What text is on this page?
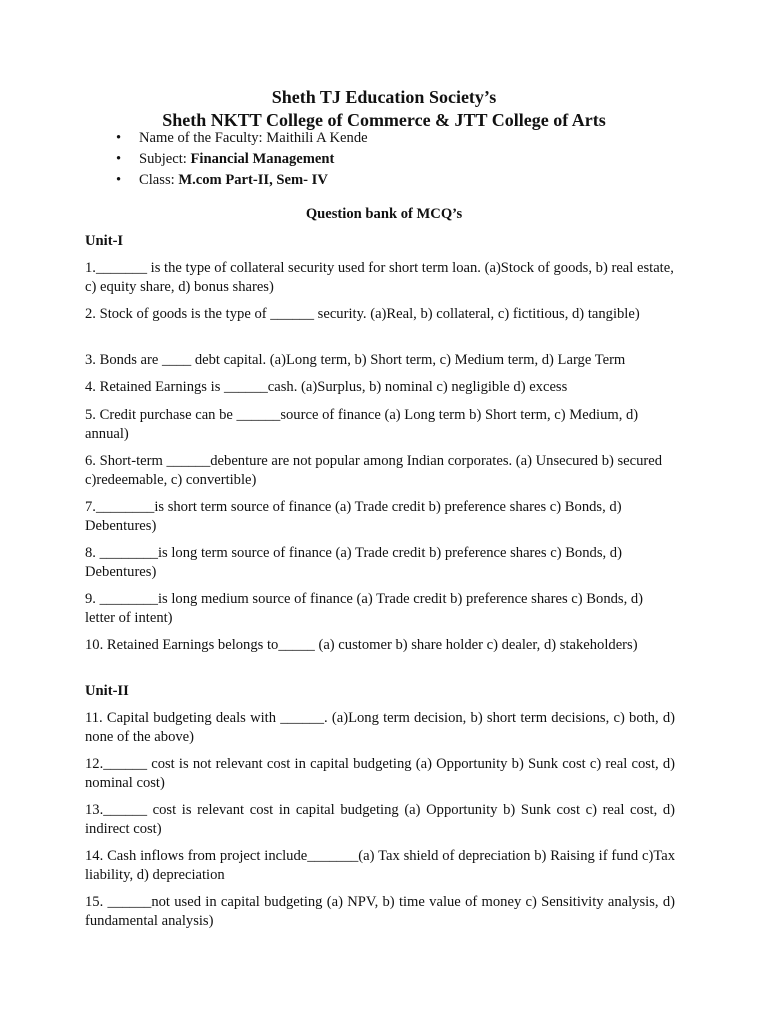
Sheth TJ Education Society’s
Sheth NKTT College of Commerce & JTT College of Arts
• Name of the Faculty: Maithili A Kende
• Subject: Financial Management
• Class: M.com Part-II, Sem- IV

Question bank of MCQ’s

Unit-I

1._______ is the type of collateral security used for short term loan. (a)Stock of goods, b) real estate, c) equity share, d) bonus shares)

2. Stock of goods is the type of ______ security. (a)Real, b) collateral, c) fictitious, d) tangible)

3. Bonds are ____ debt capital. (a)Long term, b) Short term, c) Medium term, d) Large Term

4. Retained Earnings is ______cash. (a)Surplus, b) nominal c) negligible d) excess

5. Credit purchase can be ______source of finance (a) Long term b) Short term, c) Medium, d) annual)

6. Short-term ______debenture are not popular among Indian corporates. (a) Unsecured b) secured c)redeemable, c) convertible)

7.________is short term source of finance (a) Trade credit b) preference shares c) Bonds, d) Debentures)

8. ________is long term source of finance (a) Trade credit b) preference shares c) Bonds, d) Debentures)

9. ________is long medium source of finance (a) Trade credit b) preference shares c) Bonds, d) letter of intent)

10. Retained Earnings belongs to_____ (a) customer b) share holder c) dealer, d) stakeholders)

Unit-II

11. Capital budgeting deals with ______. (a)Long term decision, b) short term decisions, c) both, d) none of the above)

12.______ cost is not relevant cost in capital budgeting (a) Opportunity b) Sunk cost c) real cost, d) nominal cost)

13.______ cost is relevant cost in capital budgeting (a) Opportunity b) Sunk cost c) real cost, d) indirect cost)

14. Cash inflows from project include_______(a) Tax shield of depreciation b) Raising if fund c)Tax liability, d) depreciation

15. ______not used in capital budgeting (a) NPV, b) time value of money c) Sensitivity analysis, d) fundamental analysis)
